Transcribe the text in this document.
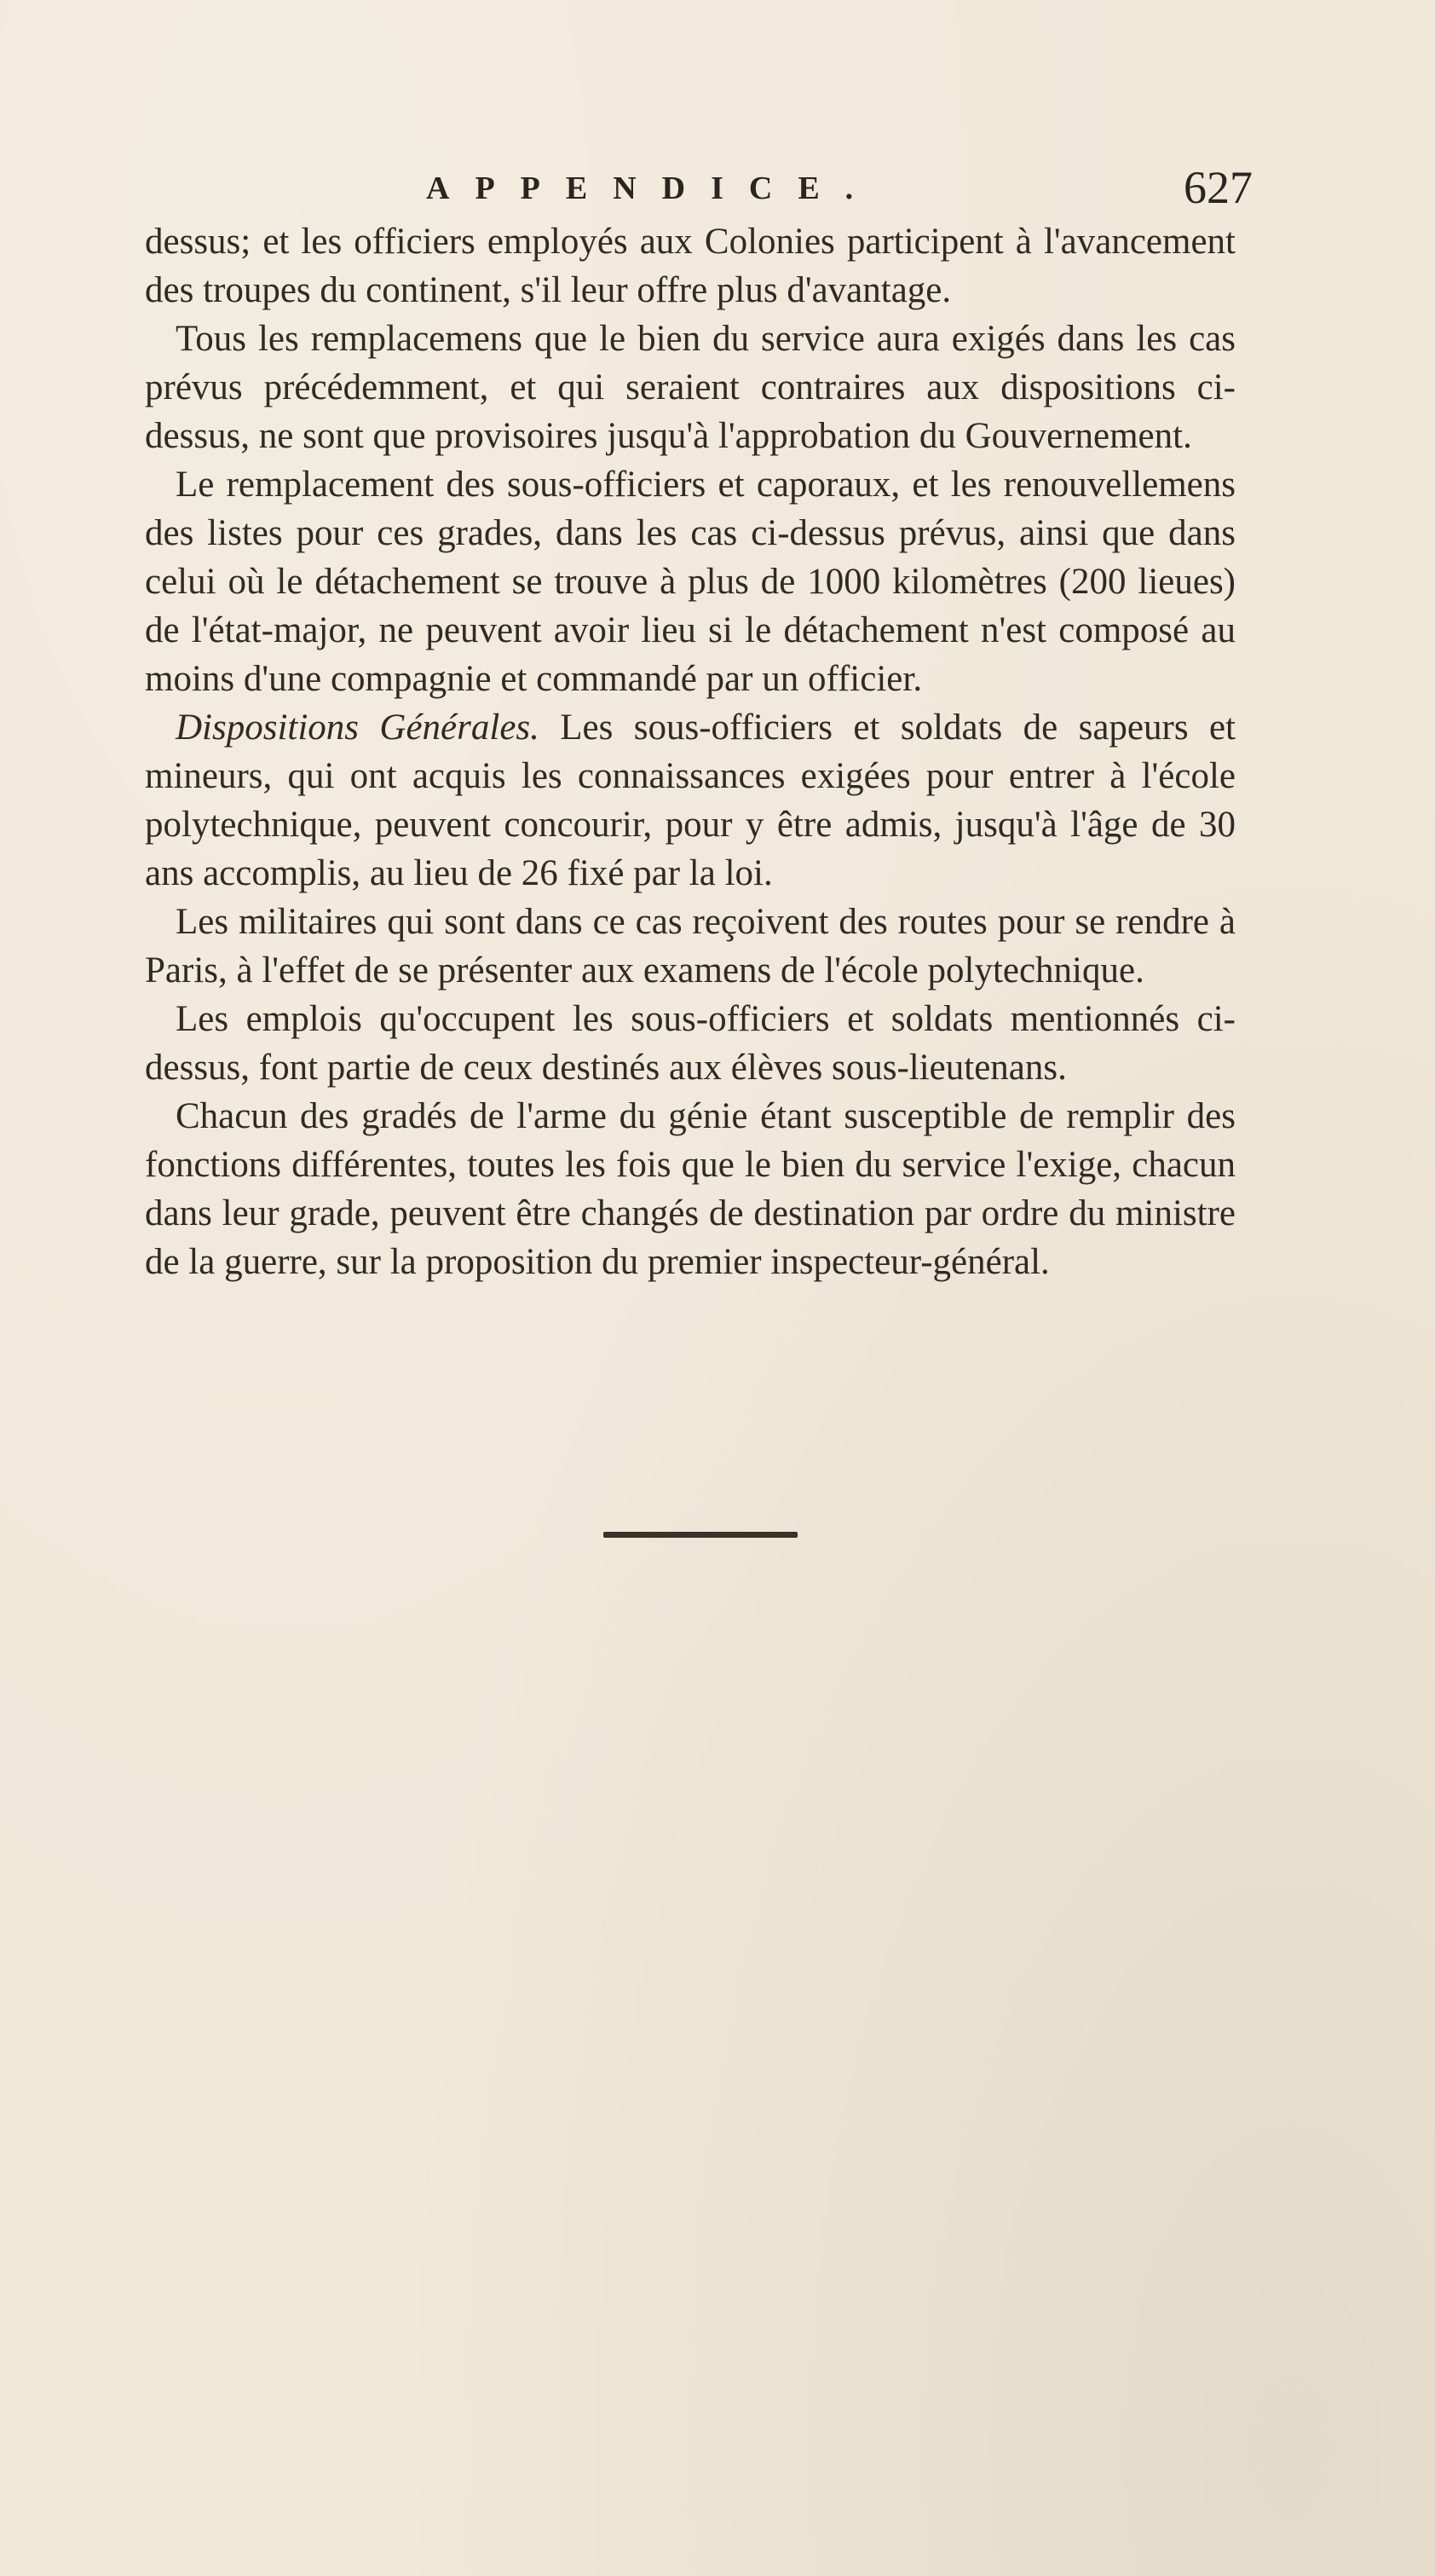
APPENDICE.	627

dessus; et les officiers employés aux Colonies participent à l'avancement des troupes du continent, s'il leur offre plus d'avantage.

Tous les remplacemens que le bien du service aura exigés dans les cas prévus précédemment, et qui seraient contraires aux dispositions ci-dessus, ne sont que provisoires jusqu'à l'approbation du Gouvernement.

Le remplacement des sous-officiers et caporaux, et les renouvellemens des listes pour ces grades, dans les cas ci-dessus prévus, ainsi que dans celui où le détachement se trouve à plus de 1000 kilomètres (200 lieues) de l'état-major, ne peuvent avoir lieu si le détachement n'est composé au moins d'une compagnie et commandé par un officier.

Dispositions Générales. Les sous-officiers et soldats de sapeurs et mineurs, qui ont acquis les connaissances exigées pour entrer à l'école polytechnique, peuvent concourir, pour y être admis, jusqu'à l'âge de 30 ans accomplis, au lieu de 26 fixé par la loi.

Les militaires qui sont dans ce cas reçoivent des routes pour se rendre à Paris, à l'effet de se présenter aux examens de l'école polytechnique.

Les emplois qu'occupent les sous-officiers et soldats mentionnés ci-dessus, font partie de ceux destinés aux élèves sous-lieutenans.

Chacun des gradés de l'arme du génie étant susceptible de remplir des fonctions différentes, toutes les fois que le bien du service l'exige, chacun dans leur grade, peuvent être changés de destination par ordre du ministre de la guerre, sur la proposition du premier inspecteur-général.
